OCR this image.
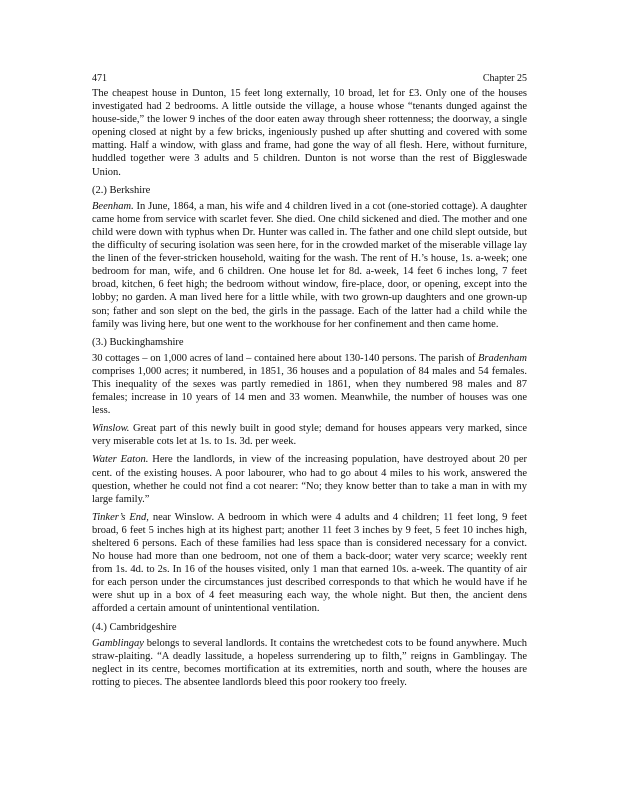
471	Chapter 25

The cheapest house in Dunton, 15 feet long externally, 10 broad, let for £3. Only one of the houses investigated had 2 bedrooms. A little outside the village, a house whose “tenants dunged against the house-side,” the lower 9 inches of the door eaten away through sheer rottenness; the doorway, a single opening closed at night by a few bricks, ingeniously pushed up after shutting and covered with some matting. Half a window, with glass and frame, had gone the way of all flesh. Here, without furniture, huddled together were 3 adults and 5 children. Dunton is not worse than the rest of Biggleswade Union.

(2.) Berkshire

Beenham. In June, 1864, a man, his wife and 4 children lived in a cot (one-storied cottage). A daughter came home from service with scarlet fever. She died. One child sickened and died. The mother and one child were down with typhus when Dr. Hunter was called in. The father and one child slept outside, but the difficulty of securing isolation was seen here, for in the crowded market of the miserable village lay the linen of the fever-stricken household, waiting for the wash. The rent of H.’s house, 1s. a-week; one bedroom for man, wife, and 6 children. One house let for 8d. a-week, 14 feet 6 inches long, 7 feet broad, kitchen, 6 feet high; the bedroom without window, fire-place, door, or opening, except into the lobby; no garden. A man lived here for a little while, with two grown-up daughters and one grown-up son; father and son slept on the bed, the girls in the passage. Each of the latter had a child while the family was living here, but one went to the workhouse for her confinement and then came home.

(3.) Buckinghamshire

30 cottages – on 1,000 acres of land – contained here about 130-140 persons. The parish of Bradenham comprises 1,000 acres; it numbered, in 1851, 36 houses and a population of 84 males and 54 females. This inequality of the sexes was partly remedied in 1861, when they numbered 98 males and 87 females; increase in 10 years of 14 men and 33 women. Meanwhile, the number of houses was one less.

Winslow. Great part of this newly built in good style; demand for houses appears very marked, since very miserable cots let at 1s. to 1s. 3d. per week.

Water Eaton. Here the landlords, in view of the increasing population, have destroyed about 20 per cent. of the existing houses. A poor labourer, who had to go about 4 miles to his work, answered the question, whether he could not find a cot nearer: “No; they know better than to take a man in with my large family.”

Tinker’s End, near Winslow. A bedroom in which were 4 adults and 4 children; 11 feet long, 9 feet broad, 6 feet 5 inches high at its highest part; another 11 feet 3 inches by 9 feet, 5 feet 10 inches high, sheltered 6 persons. Each of these families had less space than is considered necessary for a convict. No house had more than one bedroom, not one of them a back-door; water very scarce; weekly rent from 1s. 4d. to 2s. In 16 of the houses visited, only 1 man that earned 10s. a-week. The quantity of air for each person under the circumstances just described corresponds to that which he would have if he were shut up in a box of 4 feet measuring each way, the whole night. But then, the ancient dens afforded a certain amount of unintentional ventilation.

(4.) Cambridgeshire

Gamblingay belongs to several landlords. It contains the wretchedest cots to be found anywhere. Much straw-plaiting. “A deadly lassitude, a hopeless surrendering up to filth,” reigns in Gamblingay. The neglect in its centre, becomes mortification at its extremities, north and south, where the houses are rotting to pieces. The absentee landlords bleed this poor rookery too freely.
